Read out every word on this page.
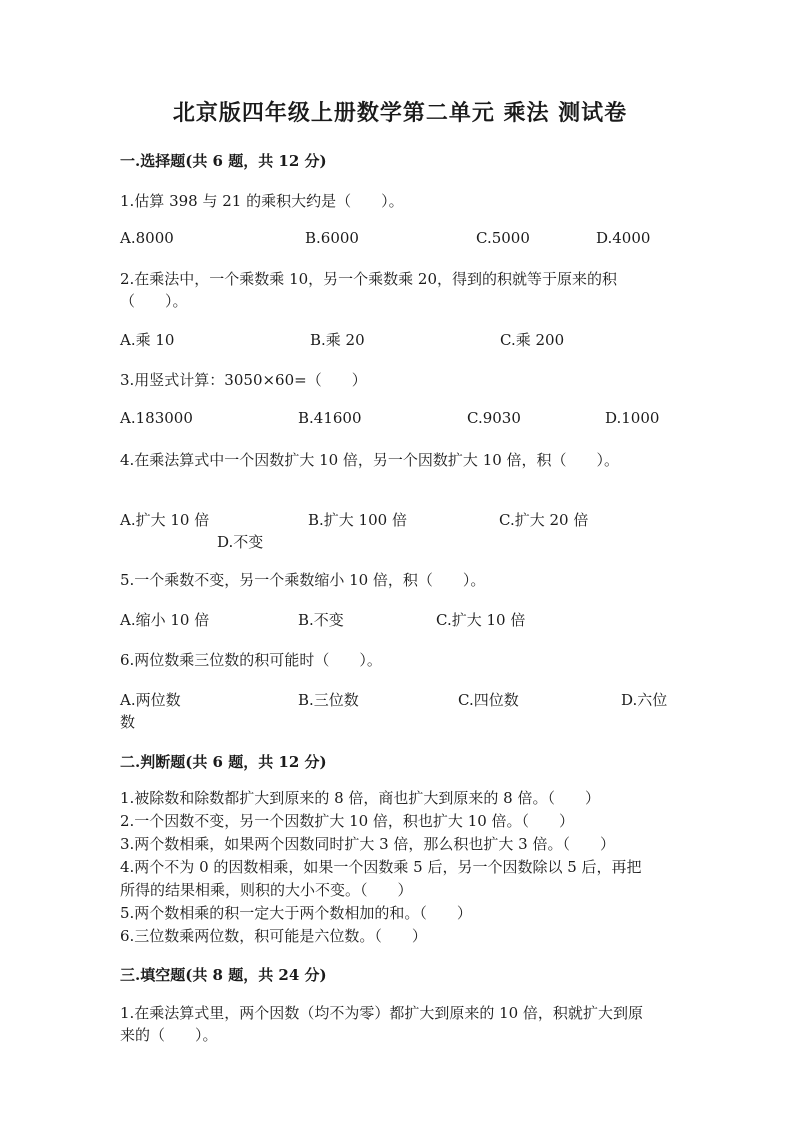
北京版四年级上册数学第二单元 乘法 测试卷
一.选择题(共 6 题，共 12 分)
1.估算 398 与 21 的乘积大约是（　　）。
A.8000	B.6000	C.5000	D.4000
2.在乘法中，一个乘数乘 10，另一个乘数乘 20，得到的积就等于原来的积
（　　）。
A.乘 10	B.乘 20	C.乘 200
3.用竖式计算：3050×60=（　　）
A.183000	B.41600	C.9030	D.1000
4.在乘法算式中一个因数扩大 10 倍，另一个因数扩大 10 倍，积（　　）。
A.扩大 10 倍	B.扩大 100 倍	C.扩大 20 倍
D.不变
5.一个乘数不变，另一个乘数缩小 10 倍，积（　　）。
A.缩小 10 倍	B.不变	C.扩大 10 倍
6.两位数乘三位数的积可能时（　　）。
A.两位数	B.三位数	C.四位数	D.六位
数
二.判断题(共 6 题，共 12 分)
1.被除数和除数都扩大到原来的 8 倍，商也扩大到原来的 8 倍。（　　）
2.一个因数不变，另一个因数扩大 10 倍，积也扩大 10 倍。（　　）
3.两个数相乘，如果两个因数同时扩大 3 倍，那么积也扩大 3 倍。（　　）
4.两个不为 0 的因数相乘，如果一个因数乘 5 后，另一个因数除以 5 后，再把
所得的结果相乘，则积的大小不变。（　　）
5.两个数相乘的积一定大于两个数相加的和。（　　）
6.三位数乘两位数，积可能是六位数。（　　）
三.填空题(共 8 题，共 24 分)
1.在乘法算式里，两个因数（均不为零）都扩大到原来的 10 倍，积就扩大到原
来的（　　）。
